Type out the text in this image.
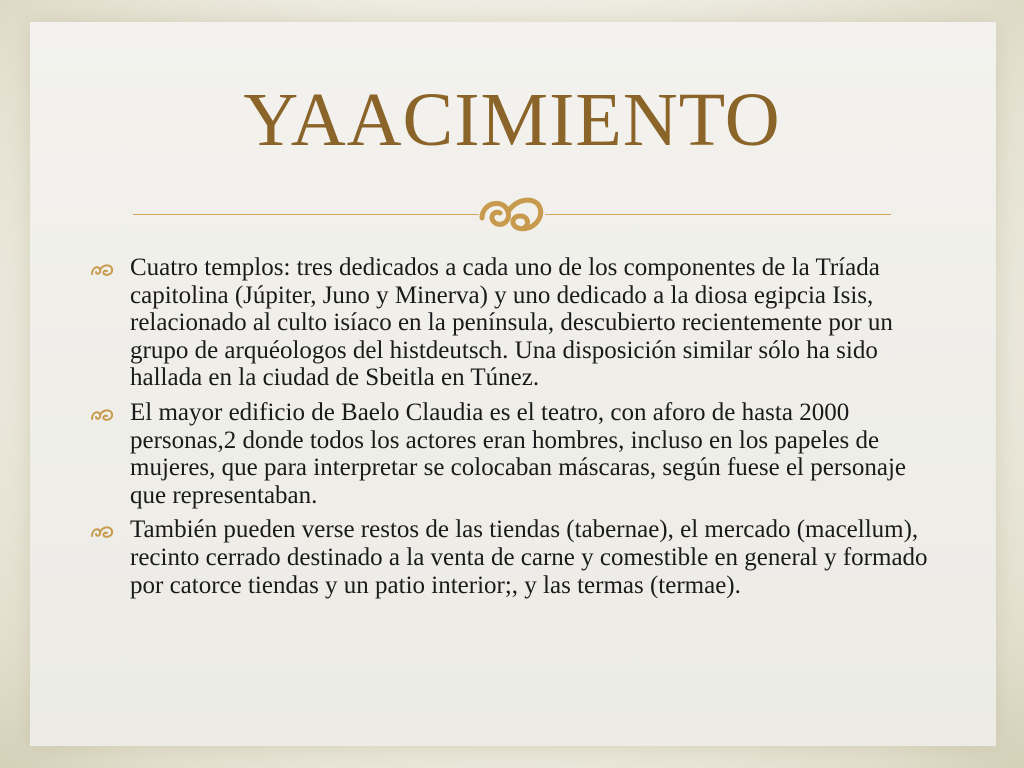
YAACIMIENTO
Cuatro templos: tres dedicados a cada uno de los componentes de la Tríada capitolina (Júpiter, Juno y Minerva) y uno dedicado a la diosa egipcia Isis, relacionado al culto isíaco en la península, descubierto recientemente por un grupo de arquéologos del histdeutsch. Una disposición similar sólo ha sido hallada en la ciudad de Sbeitla en Túnez.
El mayor edificio de Baelo Claudia es el teatro, con aforo de hasta 2000 personas,2 donde todos los actores eran hombres, incluso en los papeles de mujeres, que para interpretar se colocaban máscaras, según fuese el personaje que representaban.
También pueden verse restos de las tiendas (tabernae), el mercado (macellum), recinto cerrado destinado a la venta de carne y comestible en general y formado por catorce tiendas y un patio interior;, y las termas (termae).
